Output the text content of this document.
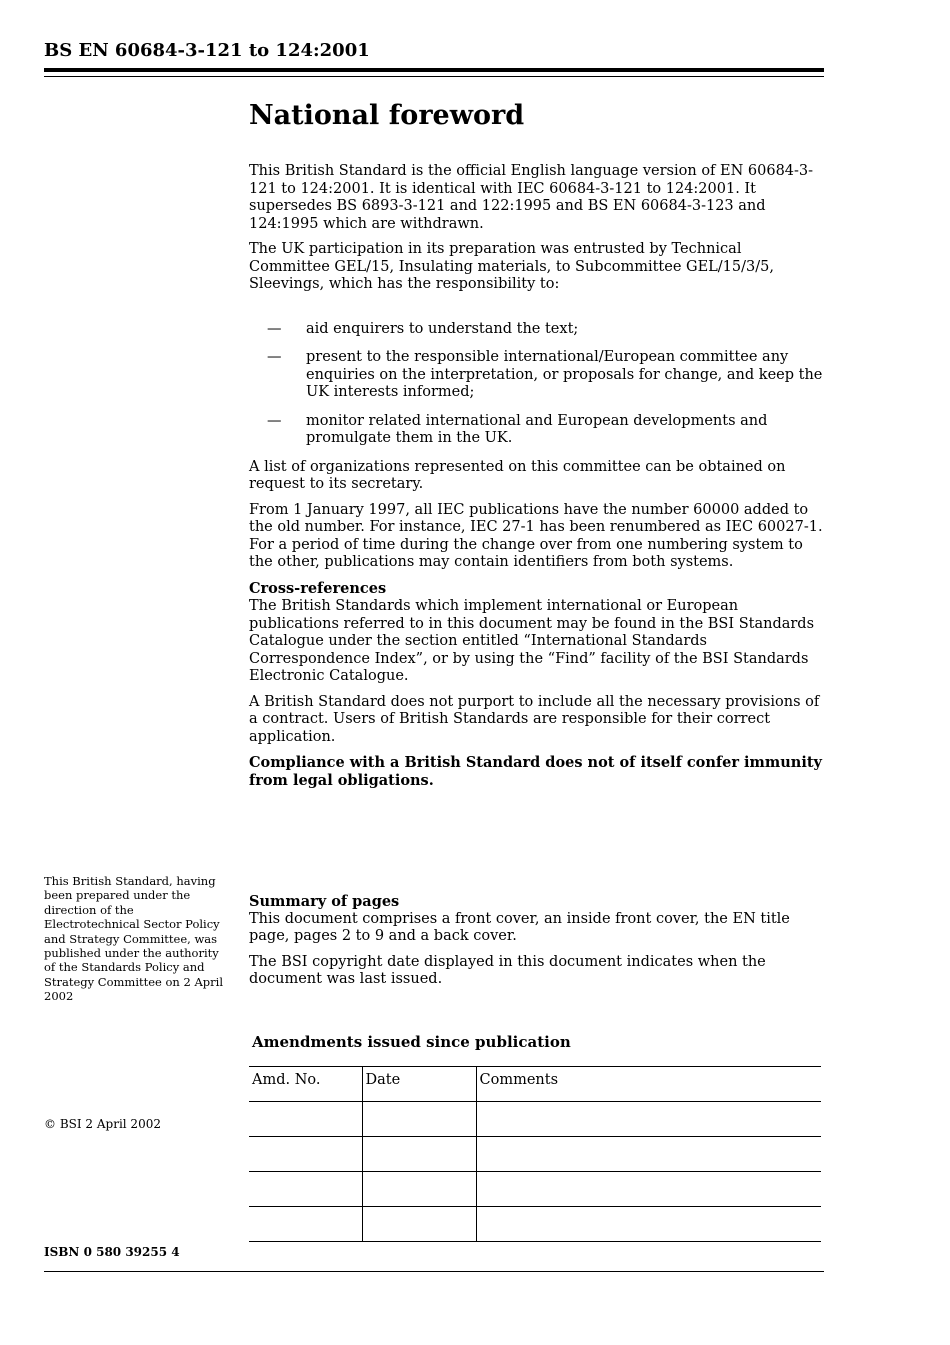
BS EN 60684-3-121 to 124:2001
National foreword

This British Standard is the official English language version of EN 60684-3-121 to 124:2001. It is identical with IEC 60684-3-121 to 124:2001. It supersedes BS 6893-3-121 and 122:1995 and BS EN 60684-3-123 and 124:1995 which are withdrawn.

The UK participation in its preparation was entrusted by Technical Committee GEL/15, Insulating materials, to Subcommittee GEL/15/3/5, Sleevings, which has the responsibility to:

— aid enquirers to understand the text;
— present to the responsible international/European committee any enquiries on the interpretation, or proposals for change, and keep the UK interests informed;
— monitor related international and European developments and promulgate them in the UK.

A list of organizations represented on this committee can be obtained on request to its secretary.

From 1 January 1997, all IEC publications have the number 60000 added to the old number. For instance, IEC 27-1 has been renumbered as IEC 60027-1. For a period of time during the change over from one numbering system to the other, publications may contain identifiers from both systems.

Cross-references

The British Standards which implement international or European publications referred to in this document may be found in the BSI Standards Catalogue under the section entitled “International Standards Correspondence Index”, or by using the “Find” facility of the BSI Standards Electronic Catalogue.

A British Standard does not purport to include all the necessary provisions of a contract. Users of British Standards are responsible for their correct application.

Compliance with a British Standard does not of itself confer immunity from legal obligations.

This British Standard, having been prepared under the direction of the Electrotechnical Sector Policy and Strategy Committee, was published under the authority of the Standards Policy and Strategy Committee on 2 April 2002

Summary of pages

This document comprises a front cover, an inside front cover, the EN title page, pages 2 to 9 and a back cover.

The BSI copyright date displayed in this document indicates when the document was last issued.

Amendments issued since publication
Amd. No.	Date	Comments

© BSI 2 April 2002
ISBN 0 580 39255 4
